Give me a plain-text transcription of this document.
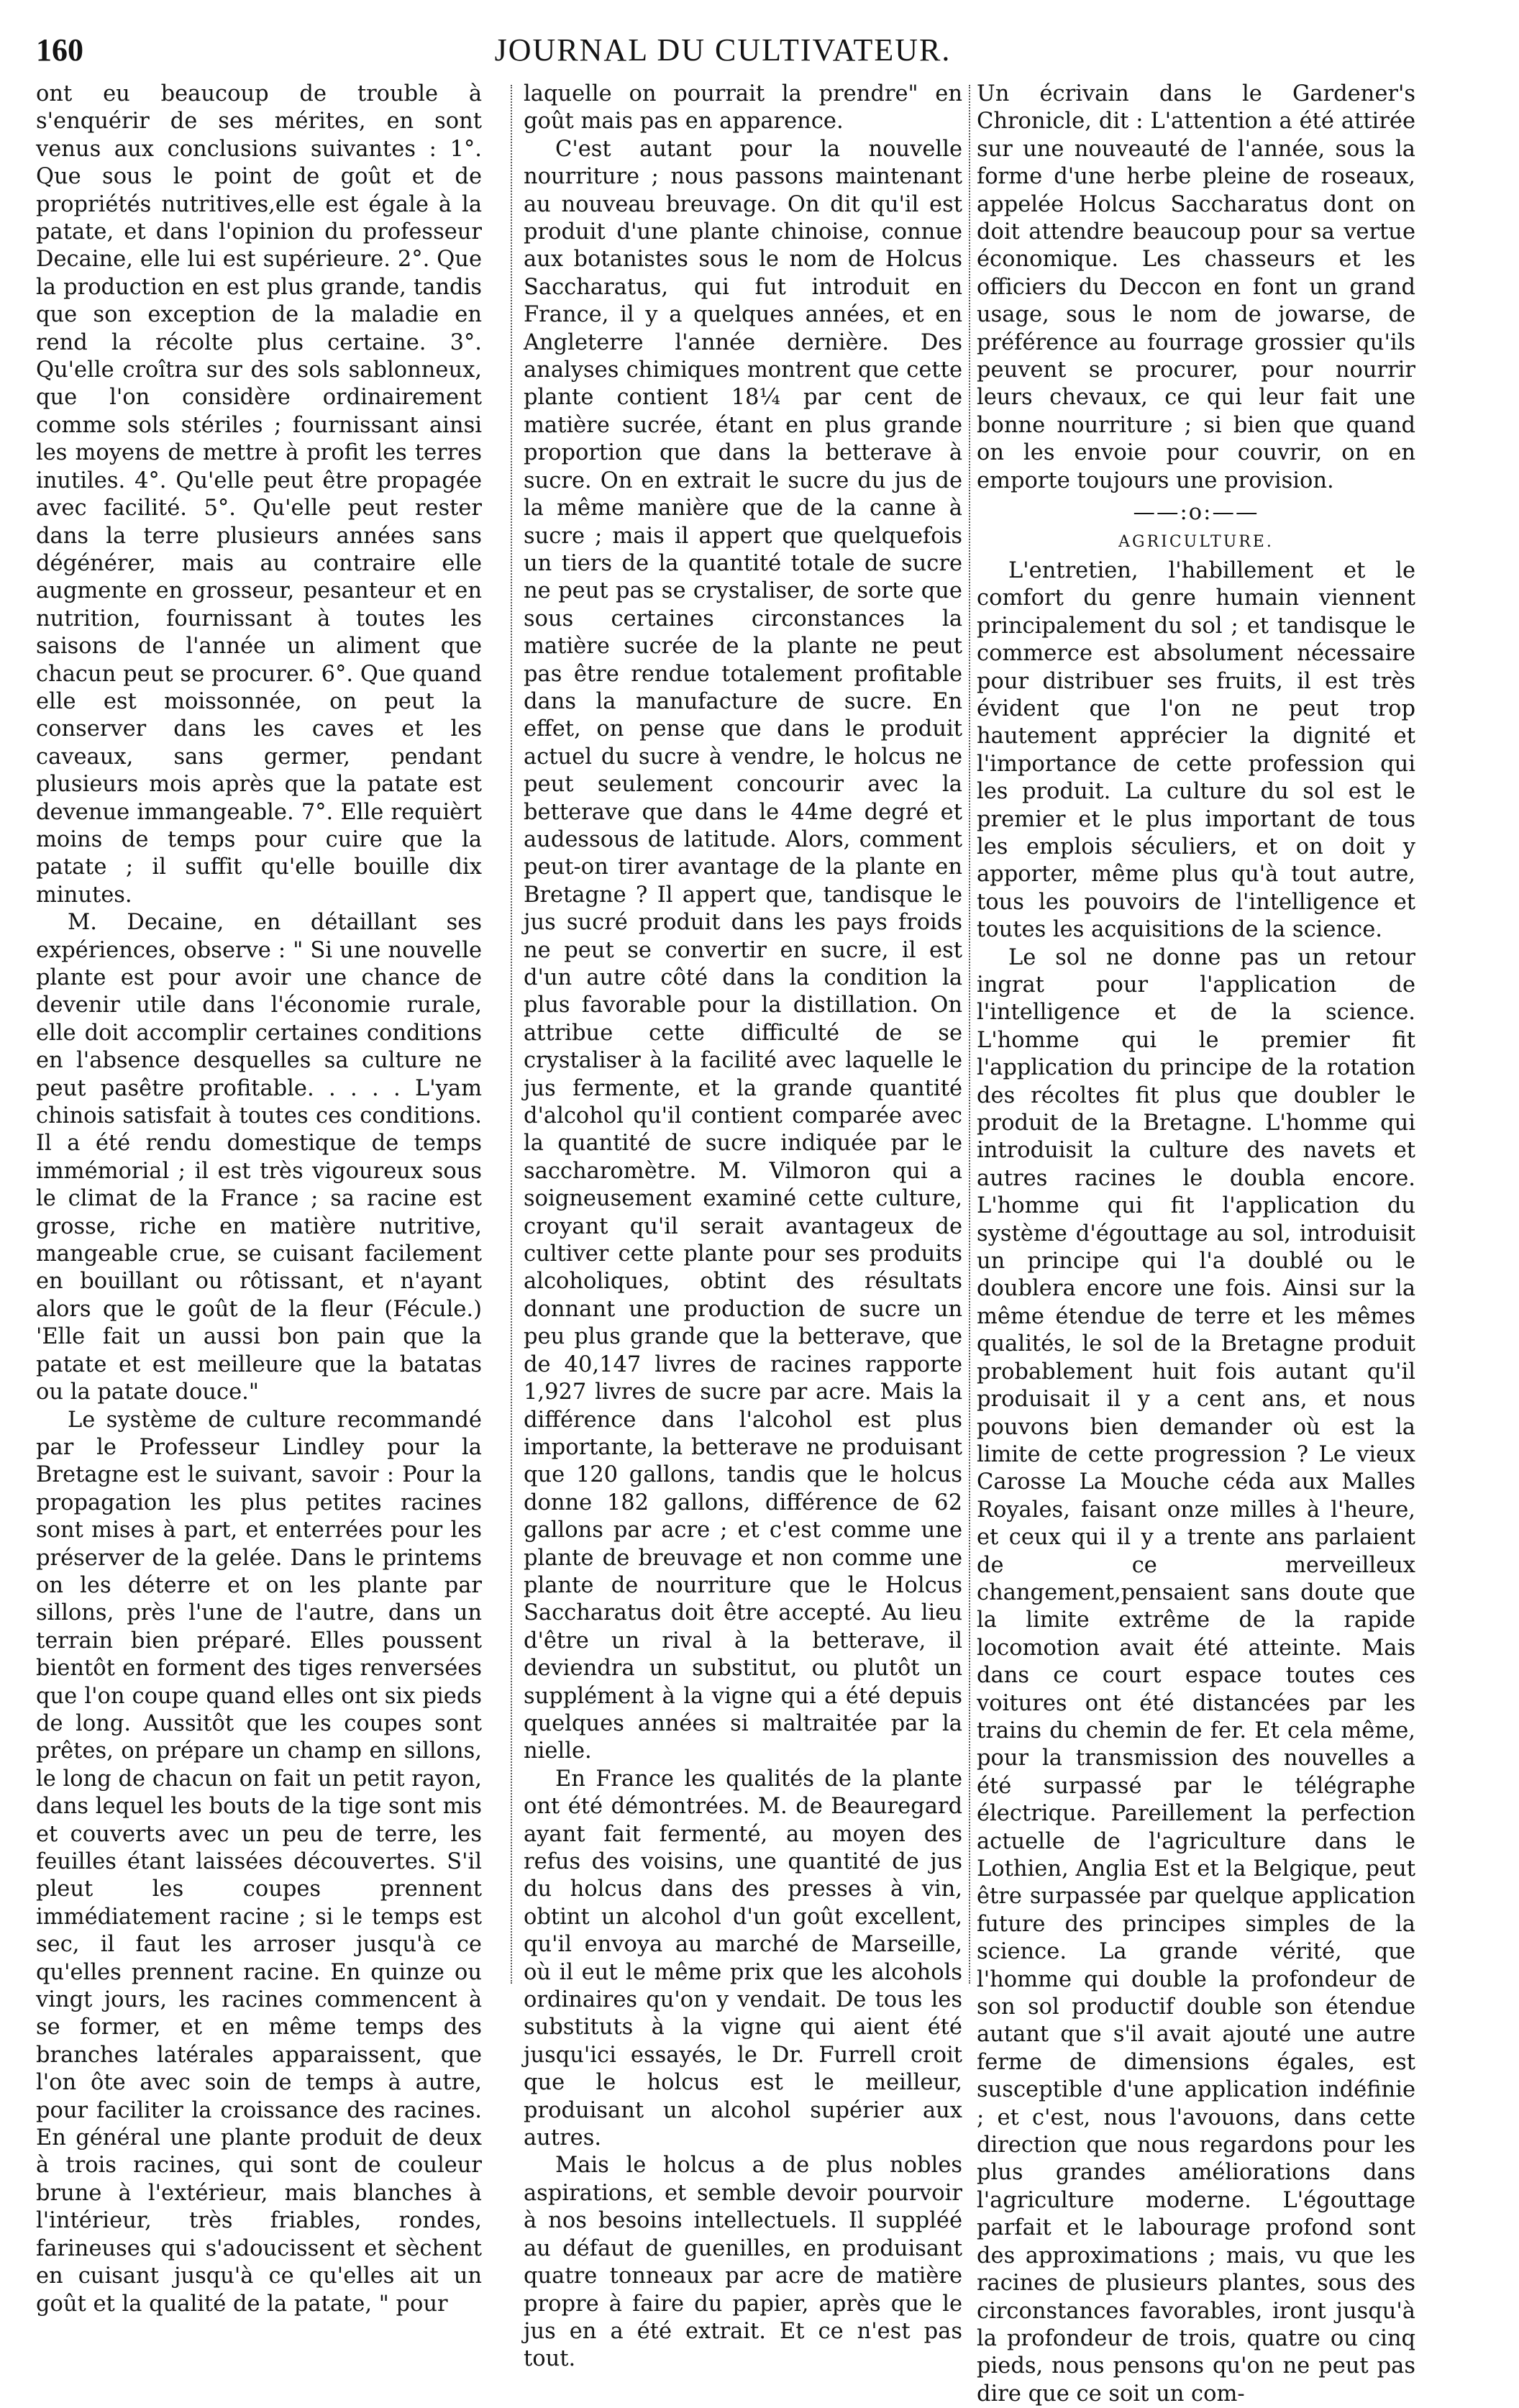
160	JOURNAL DU CULTIVATEUR.

ont eu beaucoup de trouble à s'enquérir de ses mérites, en sont venus aux conclusions suivantes : 1°. Que sous le point de goût et de propriétés nutritives,elle est égale à la patate, et dans l'opinion du professeur Decaine, elle lui est supérieure. 2°. Que la production en est plus grande, tandis que son exception de la maladie en rend la récolte plus certaine. 3°. Qu'elle croîtra sur des sols sablonneux, que l'on considère ordinairement comme sols stériles ; fournissant ainsi les moyens de mettre à profit les terres inutiles. 4°. Qu'elle peut être propagée avec facilité. 5°. Qu'elle peut rester dans la terre plusieurs années sans dégénérer, mais au contraire elle augmente en grosseur, pesanteur et en nutrition, fournissant à toutes les saisons de l'année un aliment que chacun peut se procurer. 6°. Que quand elle est moissonnée, on peut la conserver dans les caves et les caveaux, sans germer, pendant plusieurs mois après que la patate est devenue immangeable. 7°. Elle requièrt moins de temps pour cuire que la patate ; il suffit qu'elle bouille dix minutes.

M. Decaine, en détaillant ses expériences, observe : " Si une nouvelle plante est pour avoir une chance de devenir utile dans l'économie rurale, elle doit accomplir certaines conditions en l'absence desquelles sa culture ne peut pasêtre profitable. . . . . L'yam chinois satisfait à toutes ces conditions. Il a été rendu domestique de temps immémorial ; il est très vigoureux sous le climat de la France ; sa racine est grosse, riche en matière nutritive, mangeable crue, se cuisant facilement en bouillant ou rôtissant, et n'ayant alors que le goût de la fleur (Fécule.) 'Elle fait un aussi bon pain que la patate et est meilleure que la batatas ou la patate douce."

Le système de culture recommandé par le Professeur Lindley pour la Bretagne est le suivant, savoir : Pour la propagation les plus petites racines sont mises à part, et enterrées pour les préserver de la gelée. Dans le printems on les déterre et on les plante par sillons, près l'une de l'autre, dans un terrain bien préparé. Elles poussent bientôt en forment des tiges renversées que l'on coupe quand elles ont six pieds de long. Aussitôt que les coupes sont prêtes, on prépare un champ en sillons, le long de chacun on fait un petit rayon, dans lequel les bouts de la tige sont mis et couverts avec un peu de terre, les feuilles étant laissées découvertes. S'il pleut les coupes prennent immédiatement racine ; si le temps est sec, il faut les arroser jusqu'à ce qu'elles prennent racine. En quinze ou vingt jours, les racines commencent à se former, et en même temps des branches latérales apparaissent, que l'on ôte avec soin de temps à autre, pour faciliter la croissance des racines. En général une plante produit de deux à trois racines, qui sont de couleur brune à l'extérieur, mais blanches à l'intérieur, très friables, rondes, farineuses qui s'adoucissent et sèchent en cuisant jusqu'à ce qu'elles ait un goût et la qualité de la patate, " pour

laquelle on pourrait la prendre" en goût mais pas en apparence.

C'est autant pour la nouvelle nourriture ; nous passons maintenant au nouveau breuvage. On dit qu'il est produit d'une plante chinoise, connue aux botanistes sous le nom de Holcus Saccharatus, qui fut introduit en France, il y a quelques années, et en Angleterre l'année dernière. Des analyses chimiques montrent que cette plante contient 18¼ par cent de matière sucrée, étant en plus grande proportion que dans la betterave à sucre. On en extrait le sucre du jus de la même manière que de la canne à sucre ; mais il appert que quelquefois un tiers de la quantité totale de sucre ne peut pas se crystaliser, de sorte que sous certaines circonstances la matière sucrée de la plante ne peut pas être rendue totalement profitable dans la manufacture de sucre. En effet, on pense que dans le produit actuel du sucre à vendre, le holcus ne peut seulement concourir avec la betterave que dans le 44me degré et audessous de latitude. Alors, comment peut-on tirer avantage de la plante en Bretagne ? Il appert que, tandisque le jus sucré produit dans les pays froids ne peut se convertir en sucre, il est d'un autre côté dans la condition la plus favorable pour la distillation. On attribue cette difficulté de se crystaliser à la facilité avec laquelle le jus fermente, et la grande quantité d'alcohol qu'il contient comparée avec la quantité de sucre indiquée par le saccharomètre. M. Vilmoron qui a soigneusement examiné cette culture, croyant qu'il serait avantageux de cultiver cette plante pour ses produits alcoholiques, obtint des résultats donnant une production de sucre un peu plus grande que la betterave, que de 40,147 livres de racines rapporte 1,927 livres de sucre par acre. Mais la différence dans l'alcohol est plus importante, la betterave ne produisant que 120 gallons, tandis que le holcus donne 182 gallons, différence de 62 gallons par acre ; et c'est comme une plante de breuvage et non comme une plante de nourriture que le Holcus Saccharatus doit être accepté. Au lieu d'être un rival à la betterave, il deviendra un substitut, ou plutôt un supplément à la vigne qui a été depuis quelques années si maltraitée par la nielle.

En France les qualités de la plante ont été démontrées. M. de Beauregard ayant fait fermenté, au moyen des refus des voisins, une quantité de jus du holcus dans des presses à vin, obtint un alcohol d'un goût excellent, qu'il envoya au marché de Marseille, où il eut le même prix que les alcohols ordinaires qu'on y vendait. De tous les substituts à la vigne qui aient été jusqu'ici essayés, le Dr. Furrell croit que le holcus est le meilleur, produisant un alcohol supérier aux autres.

Mais le holcus a de plus nobles aspirations, et semble devoir pourvoir à nos besoins intellectuels. Il suppléé au défaut de guenilles, en produisant quatre tonneaux par acre de matière propre à faire du papier, après que le jus en a été extrait. Et ce n'est pas tout.

Un écrivain dans le Gardener's Chronicle, dit : L'attention a été attirée sur une nouveauté de l'année, sous la forme d'une herbe pleine de roseaux, appelée Holcus Saccharatus dont on doit attendre beaucoup pour sa vertue économique. Les chasseurs et les officiers du Deccon en font un grand usage, sous le nom de jowarse, de préférence au fourrage grossier qu'ils peuvent se procurer, pour nourrir leurs chevaux, ce qui leur fait une bonne nourriture ; si bien que quand on les envoie pour couvrir, on en emporte toujours une provision.

——:o:——
AGRICULTURE.

L'entretien, l'habillement et le comfort du genre humain viennent principalement du sol ; et tandisque le commerce est absolument nécessaire pour distribuer ses fruits, il est très évident que l'on ne peut trop hautement apprécier la dignité et l'importance de cette profession qui les produit. La culture du sol est le premier et le plus important de tous les emplois séculiers, et on doit y apporter, même plus qu'à tout autre, tous les pouvoirs de l'intelligence et toutes les acquisitions de la science.

Le sol ne donne pas un retour ingrat pour l'application de l'intelligence et de la science. L'homme qui le premier fit l'application du principe de la rotation des récoltes fit plus que doubler le produit de la Bretagne. L'homme qui introduisit la culture des navets et autres racines le doubla encore. L'homme qui fit l'application du système d'égouttage au sol, introduisit un principe qui l'a doublé ou le doublera encore une fois. Ainsi sur la même étendue de terre et les mêmes qualités, le sol de la Bretagne produit probablement huit fois autant qu'il produisait il y a cent ans, et nous pouvons bien demander où est la limite de cette progression ? Le vieux Carosse La Mouche céda aux Malles Royales, faisant onze milles à l'heure, et ceux qui il y a trente ans parlaient de ce merveilleux changement,pensaient sans doute que la limite extrême de la rapide locomotion avait été atteinte. Mais dans ce court espace toutes ces voitures ont été distancées par les trains du chemin de fer. Et cela même, pour la transmission des nouvelles a été surpassé par le télégraphe électrique. Pareillement la perfection actuelle de l'agriculture dans le Lothien, Anglia Est et la Belgique, peut être surpassée par quelque application future des principes simples de la science. La grande vérité, que l'homme qui double la profondeur de son sol productif double son étendue autant que s'il avait ajouté une autre ferme de dimensions égales, est susceptible d'une application indéfinie ; et c'est, nous l'avouons, dans cette direction que nous regardons pour les plus grandes améliorations dans l'agriculture moderne. L'égouttage parfait et le labourage profond sont des approximations ; mais, vu que les racines de plusieurs plantes, sous des circonstances favorables, iront jusqu'à la profondeur de trois, quatre ou cinq pieds, nous pensons qu'on ne peut pas dire que ce soit un com-
